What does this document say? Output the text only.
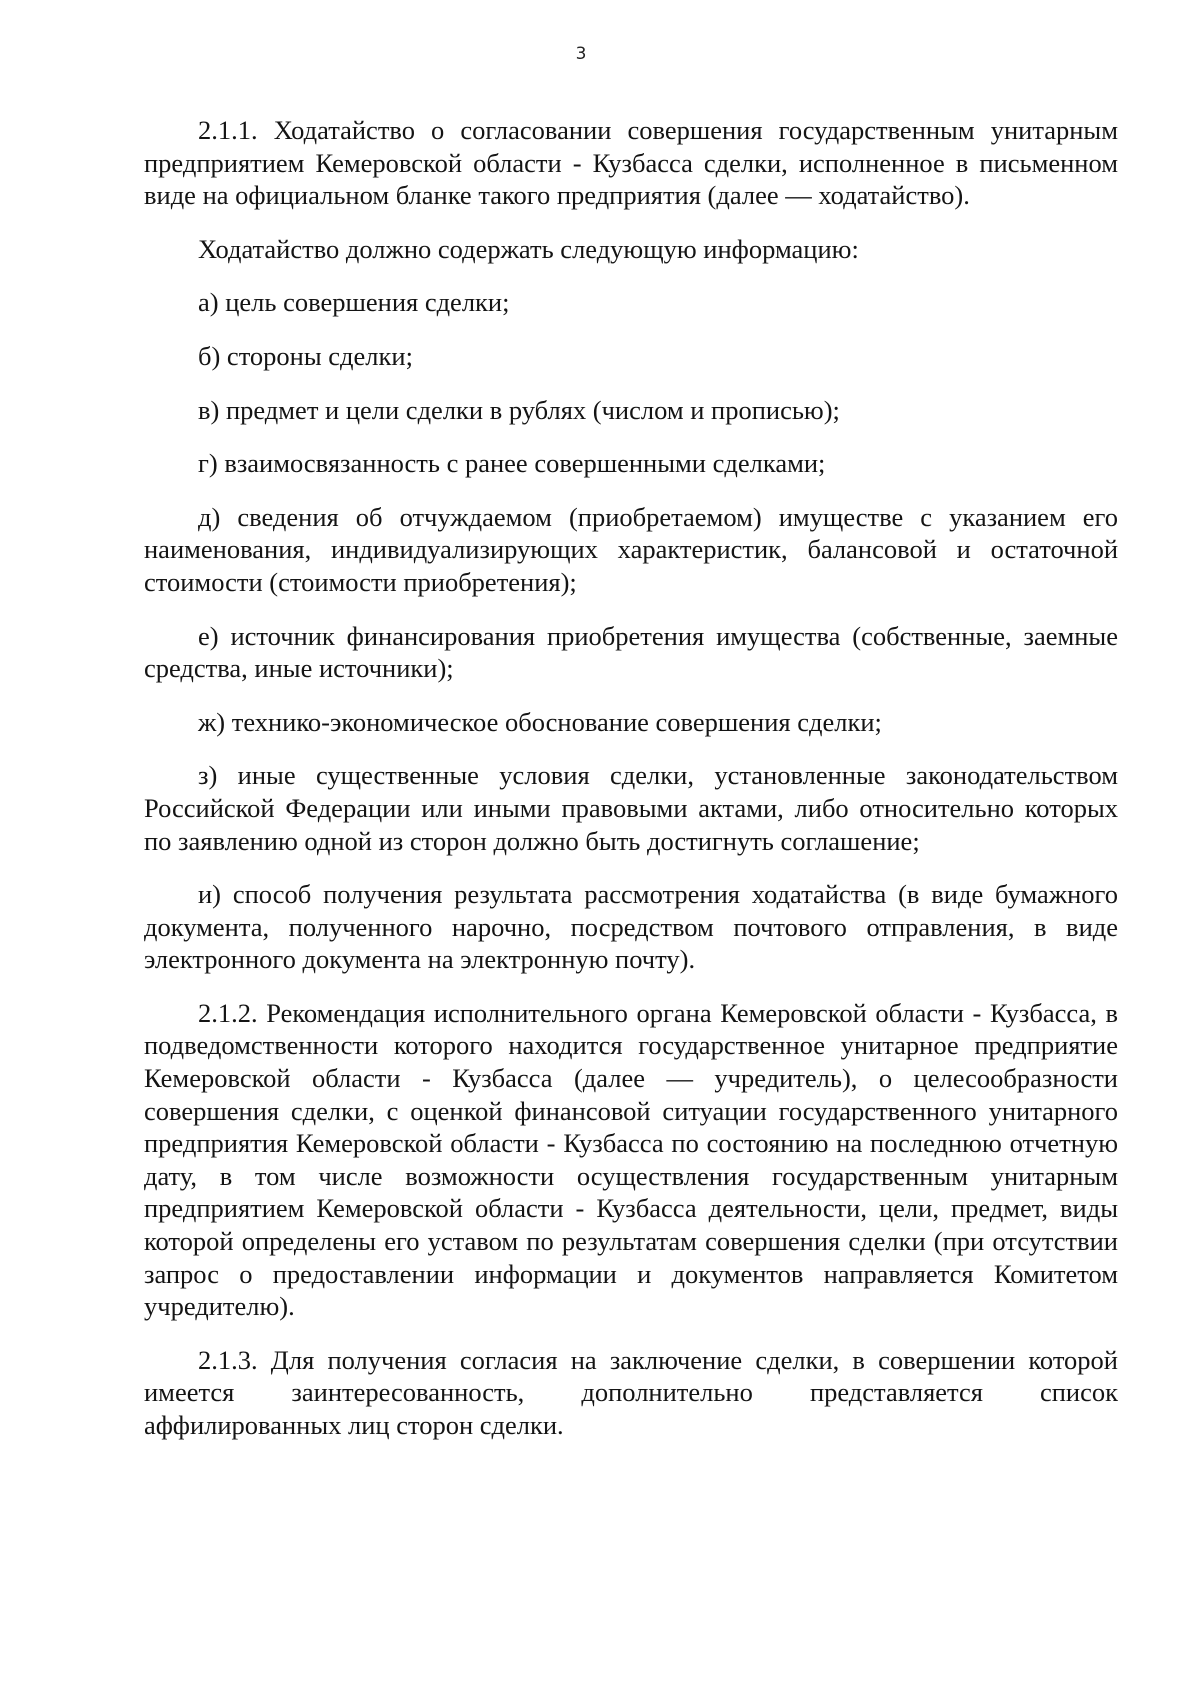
3

2.1.1. Ходатайство о согласовании совершения государственным унитарным предприятием Кемеровской области - Кузбасса сделки, исполненное в письменном виде на официальном бланке такого предприятия (далее — ходатайство).

Ходатайство должно содержать следующую информацию:

а) цель совершения сделки;

б) стороны сделки;

в) предмет и цели сделки в рублях (числом и прописью);

г) взаимосвязанность с ранее совершенными сделками;

д) сведения об отчуждаемом (приобретаемом) имуществе с указанием его наименования, индивидуализирующих характеристик, балансовой и остаточной стоимости (стоимости приобретения);

е) источник финансирования приобретения имущества (собственные, заемные средства, иные источники);

ж) технико-экономическое обоснование совершения сделки;

з) иные существенные условия сделки, установленные законодательством Российской Федерации или иными правовыми актами, либо относительно которых по заявлению одной из сторон должно быть достигнуть соглашение;

и) способ получения результата рассмотрения ходатайства (в виде бумажного документа, полученного нарочно, посредством почтового отправления, в виде электронного документа на электронную почту).

2.1.2. Рекомендация исполнительного органа Кемеровской области - Кузбасса, в подведомственности которого находится государственное унитарное предприятие Кемеровской области - Кузбасса (далее — учредитель), о целесообразности совершения сделки, с оценкой финансовой ситуации государственного унитарного предприятия Кемеровской области - Кузбасса по состоянию на последнюю отчетную дату, в том числе возможности осуществления государственным унитарным предприятием Кемеровской области - Кузбасса деятельности, цели, предмет, виды которой определены его уставом по результатам совершения сделки (при отсутствии запрос о предоставлении информации и документов направляется Комитетом учредителю).

2.1.3. Для получения согласия на заключение сделки, в совершении которой имеется заинтересованность, дополнительно представляется список аффилированных лиц сторон сделки.
